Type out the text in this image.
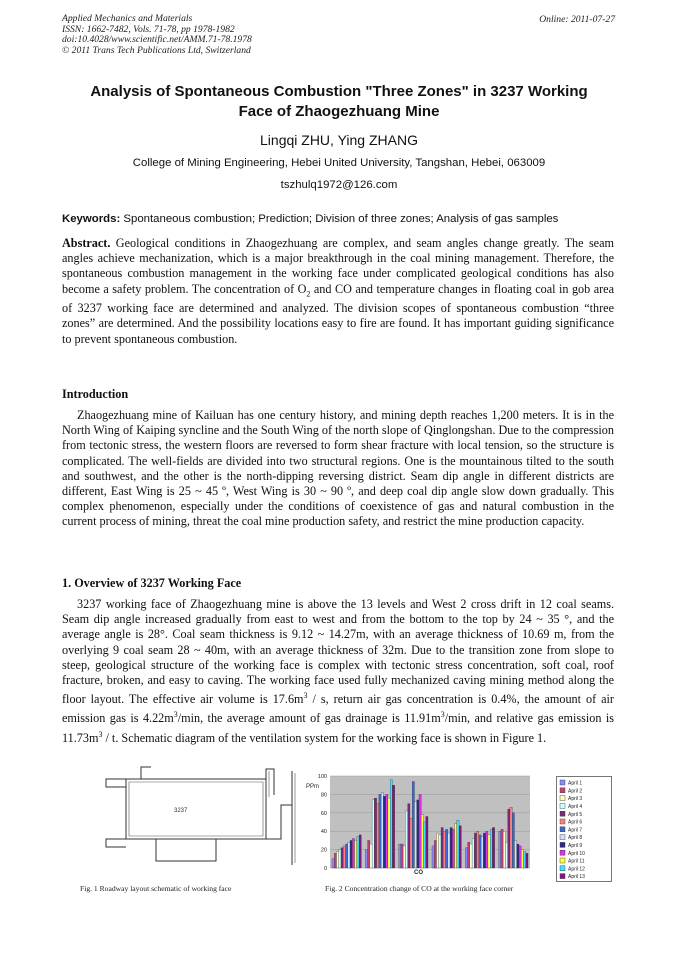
Applied Mechanics and Materials
ISSN: 1662-7482, Vols. 71-78, pp 1978-1982
doi:10.4028/www.scientific.net/AMM.71-78.1978
© 2011 Trans Tech Publications Ltd, Switzerland
Online: 2011-07-27
Analysis of Spontaneous Combustion "Three Zones" in 3237 Working
Face of Zhaogezhuang Mine
Lingqi ZHU, Ying ZHANG
College of Mining Engineering, Hebei United University, Tangshan, Hebei, 063009
tszhulq1972@126.com
Keywords: Spontaneous combustion; Prediction; Division of three zones; Analysis of gas samples
Abstract. Geological conditions in Zhaogezhuang are complex, and seam angles change greatly. The seam angles achieve mechanization, which is a major breakthrough in the coal mining management. Therefore, the spontaneous combustion management in the working face under complicated geological conditions has also become a safety problem. The concentration of $O_2$ and CO and temperature changes in floating coal in gob area of 3237 working face are determined and analyzed. The division scopes of spontaneous combustion “three zones” are determined. And the possibility locations easy to fire are found. It has important guiding significance to prevent spontaneous combustion.
Introduction
Zhaogezhuang mine of Kailuan has one century history, and mining depth reaches 1,200 meters. It is in the North Wing of Kaiping syncline and the South Wing of the north slope of Qinglongshan. Due to the compression from tectonic stress, the western floors are reversed to form shear fracture with local tension, so the structure is complicated. The well-fields are divided into two structural regions. One is the mountainous tilted to the south and southwest, and the other is the north-dipping reversing district. Seam dip angle in different districts are different, East Wing is 25 ~ 45 º, West Wing is 30 ~ 90 º, and deep coal dip angle slow down gradually. This complex phenomenon, especially under the conditions of coexistence of gas and natural combustion in the current process of mining, threat the coal mine production safety, and restrict the mine production capacity.
1. Overview of 3237 Working Face
3237 working face of Zhaogezhuang mine is above the 13 levels and West 2 cross drift in 12 coal seams. Seam dip angle increased gradually from east to west and from the bottom to the top by 24 ~ 35 °, and the average angle is 28°. Coal seam thickness is 9.12 ~ 14.27m, with an average thickness of 10.69 m, from the overlying 9 coal seam 28 ~ 40m, with an average thickness of 32m. Due to the transition zone from slope to steep, geological structure of the working face is complex with tectonic stress concentration, soft coal, roof fracture, broken, and easy to caving. The working face used fully mechanized caving mining method along the floor layout. The effective air volume is $17.6m^3$ / s, return air gas concentration is 0.4%, the amount of air emission gas is $4.22m^3/\min$, the average amount of gas drainage is $11.91m^3/\min$, and relative gas emission is $11.73m^3$ / t. Schematic diagram of the ventilation system for the working face is shown in Figure 1.
3237
Fig. 1 Roadway layout schematic of working face
0
20
40
60
80
100
PPm
CO
April 1
April 2
April 3
April 4
April 5
April 6
April 7
April 8
April 9
April 10
April 11
April 12
April 13
Fig. 2 Concentration change of CO at the working face corner
